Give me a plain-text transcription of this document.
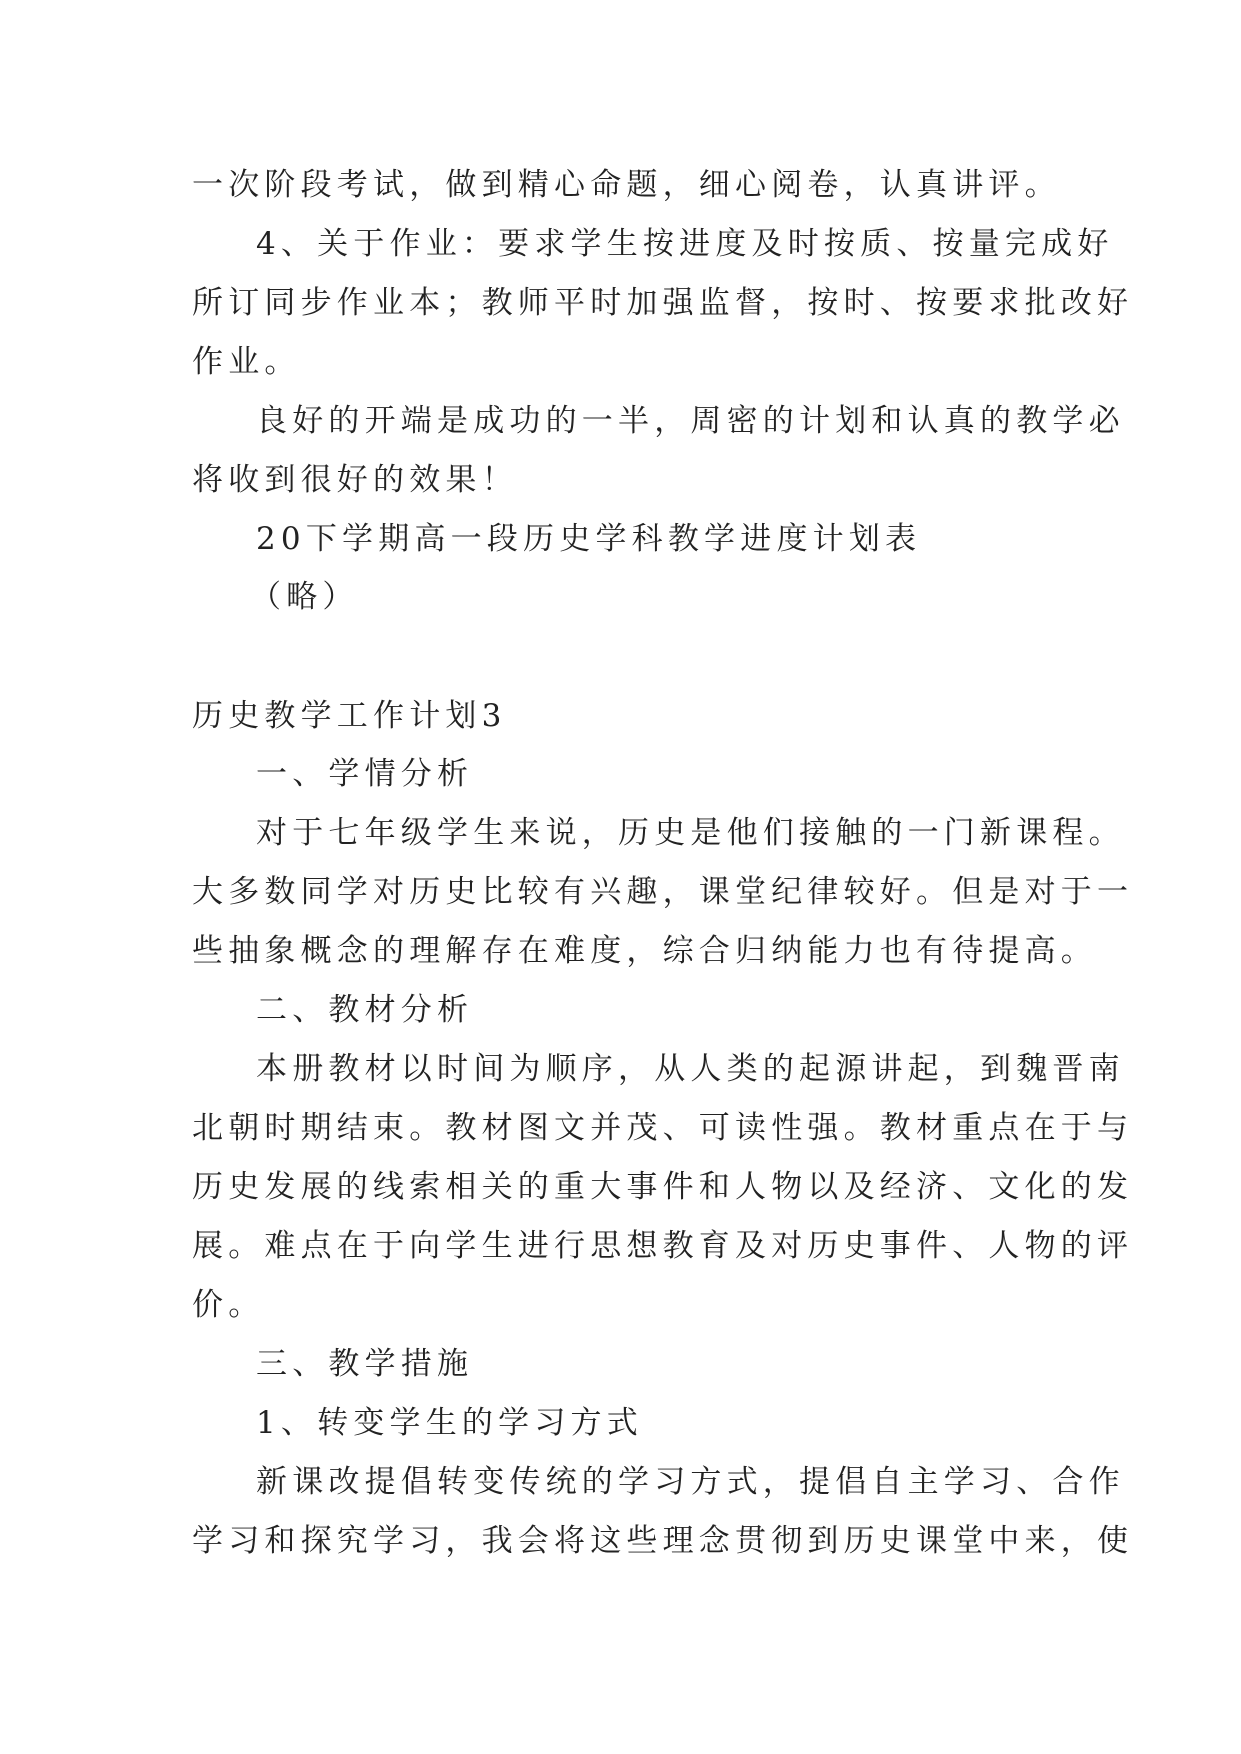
一次阶段考试，做到精心命题，细心阅卷，认真讲评。
4、关于作业：要求学生按进度及时按质、按量完成好
所订同步作业本；教师平时加强监督，按时、按要求批改好
作业。
良好的开端是成功的一半，周密的计划和认真的教学必
将收到很好的效果！
20下学期高一段历史学科教学进度计划表
（略）
历史教学工作计划3
一、学情分析
对于七年级学生来说，历史是他们接触的一门新课程。
大多数同学对历史比较有兴趣，课堂纪律较好。但是对于一
些抽象概念的理解存在难度，综合归纳能力也有待提高。
二、教材分析
本册教材以时间为顺序，从人类的起源讲起，到魏晋南
北朝时期结束。教材图文并茂、可读性强。教材重点在于与
历史发展的线索相关的重大事件和人物以及经济、文化的发
展。难点在于向学生进行思想教育及对历史事件、人物的评
价。
三、教学措施
1、转变学生的学习方式
新课改提倡转变传统的学习方式，提倡自主学习、合作
学习和探究学习，我会将这些理念贯彻到历史课堂中来，使
